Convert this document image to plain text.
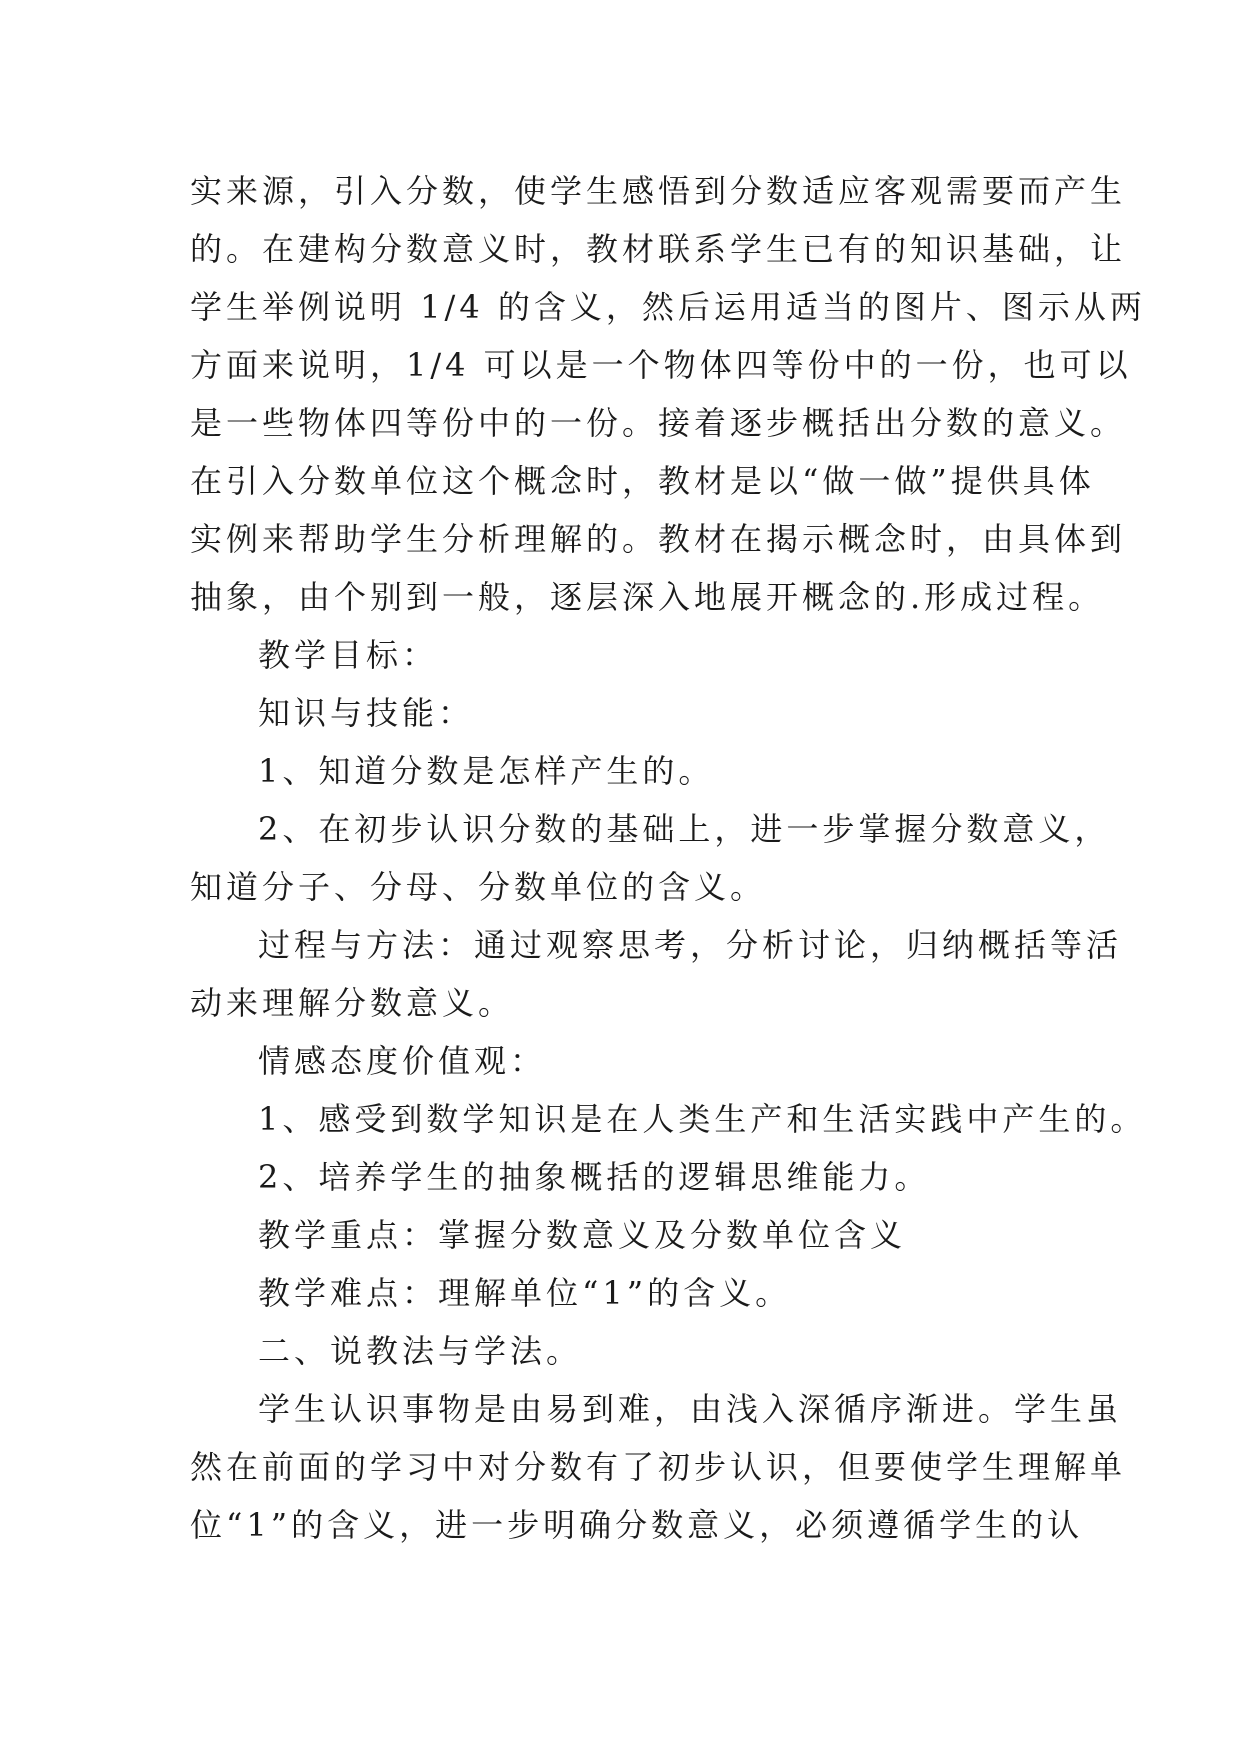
实来源，引入分数，使学生感悟到分数适应客观需要而产生
的。在建构分数意义时，教材联系学生已有的知识基础，让
学生举例说明 1/4 的含义，然后运用适当的图片、图示从两
方面来说明，1/4 可以是一个物体四等份中的一份，也可以
是一些物体四等份中的一份。接着逐步概括出分数的意义。
在引入分数单位这个概念时，教材是以“做一做”提供具体
实例来帮助学生分析理解的。教材在揭示概念时，由具体到
抽象，由个别到一般，逐层深入地展开概念的.形成过程。
教学目标：
知识与技能：
1、知道分数是怎样产生的。
2、在初步认识分数的基础上，进一步掌握分数意义，
知道分子、分母、分数单位的含义。
过程与方法：通过观察思考，分析讨论，归纳概括等活
动来理解分数意义。
情感态度价值观：
1、感受到数学知识是在人类生产和生活实践中产生的。
2、培养学生的抽象概括的逻辑思维能力。
教学重点：掌握分数意义及分数单位含义
教学难点：理解单位“1”的含义。
二、说教法与学法。
学生认识事物是由易到难，由浅入深循序渐进。学生虽
然在前面的学习中对分数有了初步认识，但要使学生理解单
位“1”的含义，进一步明确分数意义，必须遵循学生的认
